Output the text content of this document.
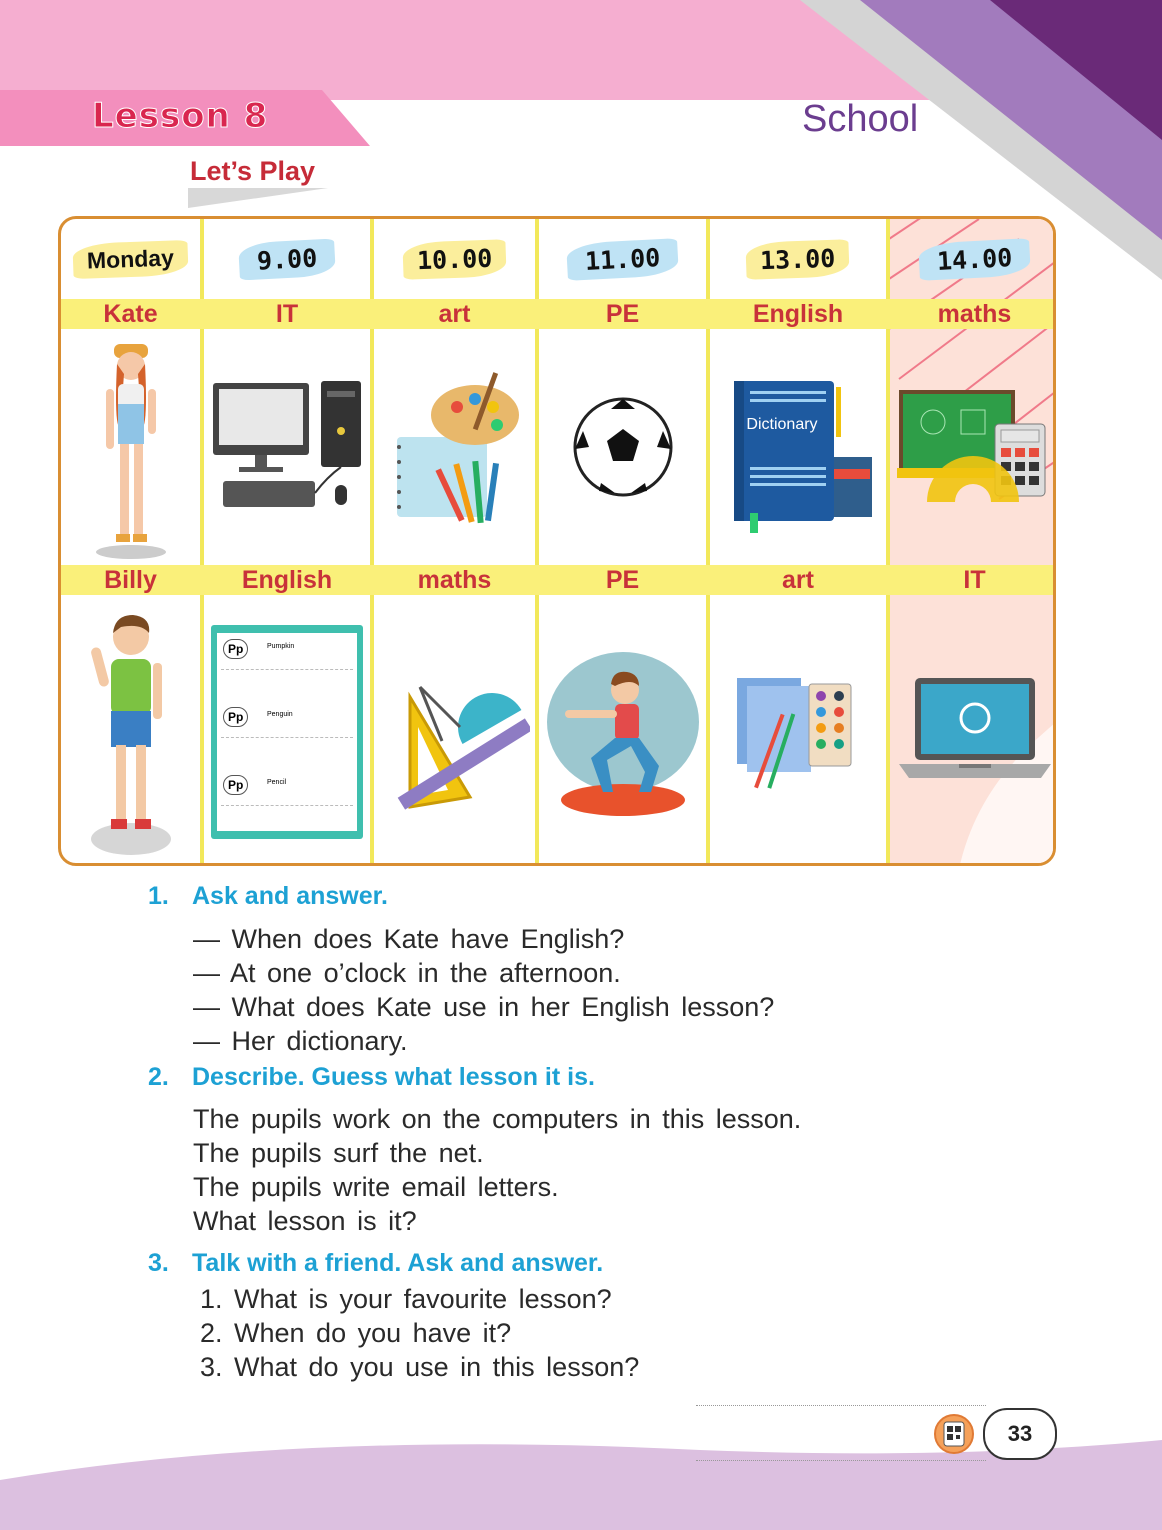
Lesson 8	School
Let’s Play
Monday	9.00	10.00	11.00	13.00	14.00
Kate	IT	art	PE	English	maths
Dictionary
Billy	English	maths	PE	art	IT
Pp	Pumpkin
Pp	Penguin
Pp	Pencil
1. Ask and answer.
— When does Kate have English?
— At one o’clock in the afternoon.
— What does Kate use in her English lesson?
— Her dictionary.
2. Describe. Guess what lesson it is.
The pupils work on the computers in this lesson.
The pupils surf the net.
The pupils write email letters.
What lesson is it?
3. Talk with a friend. Ask and answer.
1. What is your favourite lesson?
2. When do you have it?
3. What do you use in this lesson?
33
